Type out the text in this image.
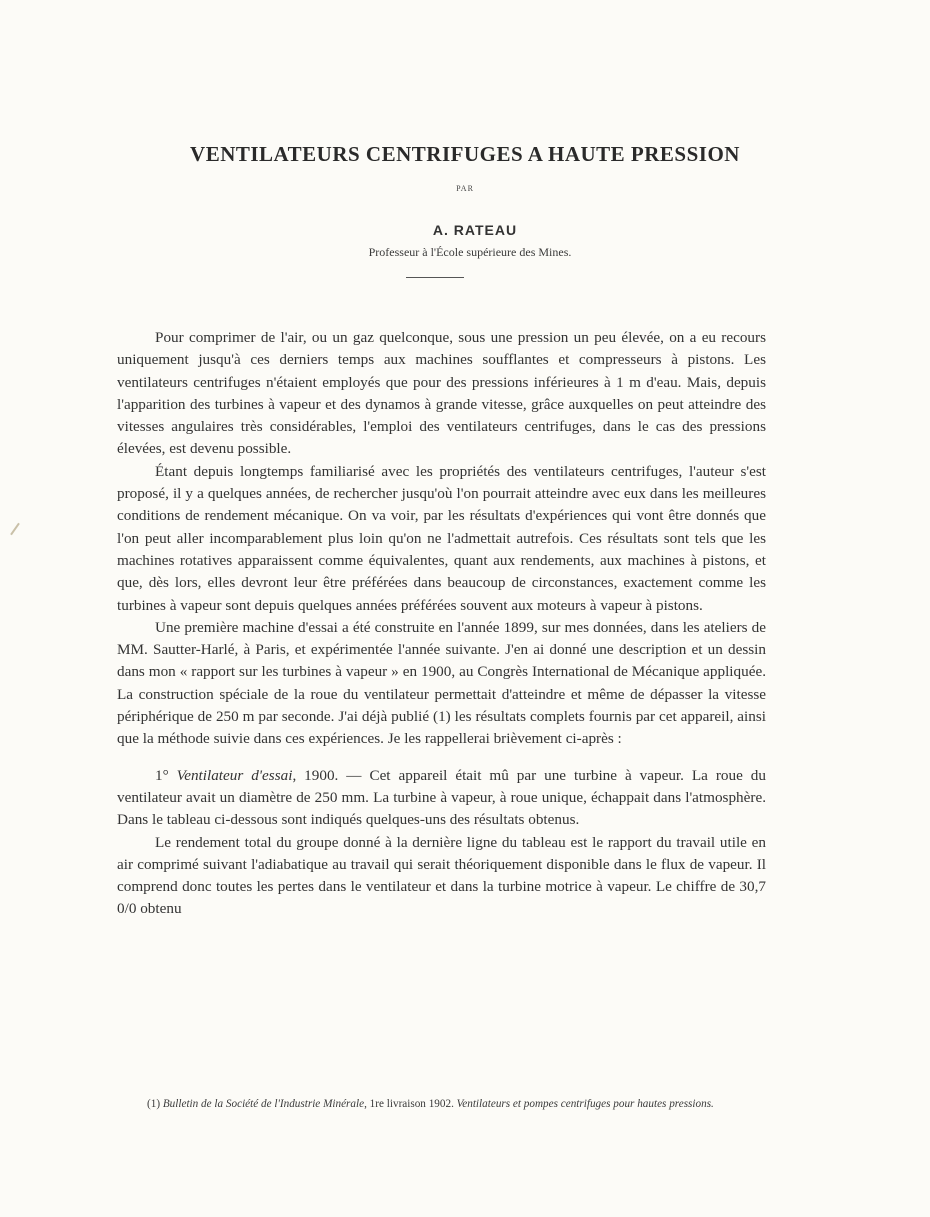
VENTILATEURS CENTRIFUGES A HAUTE PRESSION
PAR
A. RATEAU
Professeur à l'École supérieure des Mines.

Pour comprimer de l'air, ou un gaz quelconque, sous une pression un peu élevée, on a eu recours uniquement jusqu'à ces derniers temps aux machines soufflantes et compresseurs à pistons. Les ventilateurs centrifuges n'étaient employés que pour des pressions inférieures à 1 m d'eau. Mais, depuis l'apparition des turbines à vapeur et des dynamos à grande vitesse, grâce auxquelles on peut atteindre des vitesses angulaires très considérables, l'emploi des ventilateurs centrifuges, dans le cas des pressions élevées, est devenu possible.

Étant depuis longtemps familiarisé avec les propriétés des ventilateurs centrifuges, l'auteur s'est proposé, il y a quelques années, de rechercher jusqu'où l'on pourrait atteindre avec eux dans les meilleures conditions de rendement mécanique. On va voir, par les résultats d'expériences qui vont être donnés que l'on peut aller incomparablement plus loin qu'on ne l'admettait autrefois. Ces résultats sont tels que les machines rotatives apparaissent comme équivalentes, quant aux rendements, aux machines à pistons, et que, dès lors, elles devront leur être préférées dans beaucoup de circonstances, exactement comme les turbines à vapeur sont depuis quelques années préférées souvent aux moteurs à vapeur à pistons.

Une première machine d'essai a été construite en l'année 1899, sur mes données, dans les ateliers de MM. Sautter-Harlé, à Paris, et expérimentée l'année suivante. J'en ai donné une description et un dessin dans mon « rapport sur les turbines à vapeur » en 1900, au Congrès International de Mécanique appliquée. La construction spéciale de la roue du ventilateur permettait d'atteindre et même de dépasser la vitesse périphérique de 250 m par seconde. J'ai déjà publié (1) les résultats complets fournis par cet appareil, ainsi que la méthode suivie dans ces expériences. Je les rappellerai brièvement ci-après :

1° Ventilateur d'essai, 1900. — Cet appareil était mû par une turbine à vapeur. La roue du ventilateur avait un diamètre de 250 mm. La turbine à vapeur, à roue unique, échappait dans l'atmosphère. Dans le tableau ci-dessous sont indiqués quelques-uns des résultats obtenus.

Le rendement total du groupe donné à la dernière ligne du tableau est le rapport du travail utile en air comprimé suivant l'adiabatique au travail qui serait théoriquement disponible dans le flux de vapeur. Il comprend donc toutes les pertes dans le ventilateur et dans la turbine motrice à vapeur. Le chiffre de 30,7 0/0 obtenu

(1) Bulletin de la Société de l'Industrie Minérale, 1re livraison 1902. Ventilateurs et pompes centrifuges pour hautes pressions.
